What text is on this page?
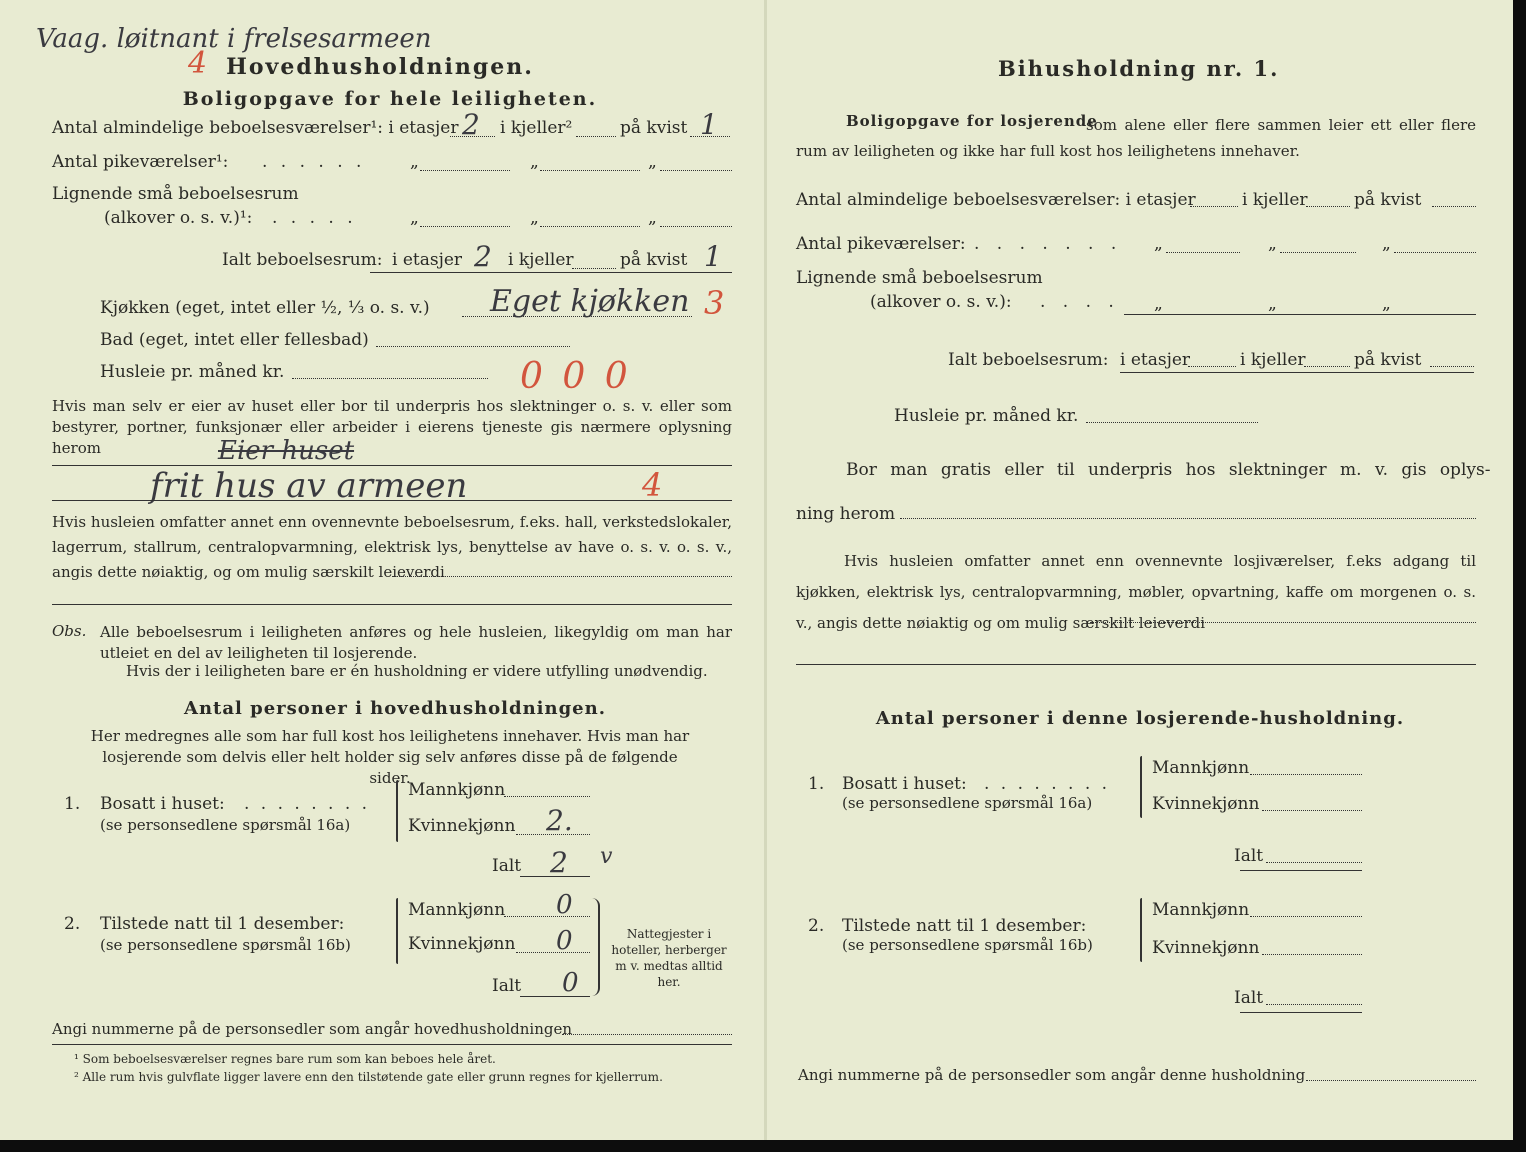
Vaag. løitnant i frelsesarmeen
4 Hovedhusholdningen.
Boligopgave for hele leiligheten.
Antal almindelige beboelsesværelser¹: i etasjer 2 i kjeller²	på kvist 1
Antal pikeværelser¹: . . . . . .	„	„	„
Lignende små beboelsesrum
(alkover o. s. v.)¹: . . . . .	„	„	„
Ialt beboelsesrum: i etasjer 2 i kjeller	på kvist 1
Kjøkken (eget, intet eller ½, ⅓ o. s. v.) Eget kjøkken 3
Bad (eget, intet eller fellesbad)
Husleie pr. måned kr.	0 0 0
Hvis man selv er eier av huset eller bor til underpris hos slektninger o. s. v. eller som bestyrer, portner, funksjonær eller arbeider i eierens tjeneste gis nærmere oplysning herom	Eier huset
frit hus av armeen	4
Hvis husleien omfatter annet enn ovennevnte beboelsesrum, f.eks. hall, verkstedslokaler, lagerrum, stallrum, centralopvarmning, elektrisk lys, benyttelse av have o. s. v. o. s. v., angis dette nøiaktig, og om mulig særskilt leieverdi
Obs. Alle beboelsesrum i leiligheten anføres og hele husleien, likegyldig om man har utleiet en del av leiligheten til losjerende.
Hvis der i leiligheten bare er én husholdning er videre utfylling unødvendig.
Antal personer i hovedhusholdningen.
Her medregnes alle som har full kost hos leilighetens innehaver. Hvis man har losjerende som delvis eller helt holder sig selv anføres disse på de følgende sider.
1. Bosatt i huset: . . . . . . . .
(se personsedlene spørsmål 16a)
Mannkjønn
Kvinnekjønn 2.
Ialt 2 v
2. Tilstede natt til 1 desember:
(se personsedlene spørsmål 16b)
Mannkjønn 0
Kvinnekjønn 0
Ialt 0
Nattegjester i hoteller, herberger m v. medtas alltid her.
Angi nummerne på de personsedler som angår hovedhusholdningen
¹ Som beboelsesværelser regnes bare rum som kan beboes hele året.
² Alle rum hvis gulvflate ligger lavere enn den tilstøtende gate eller grunn regnes for kjellerrum.
Bihusholdning nr. 1.
Boligopgave for losjerende
som alene eller flere sammen leier ett eller flere rum av leiligheten og ikke har full kost hos leilighetens innehaver.
Antal almindelige beboelsesværelser: i etasjer	i kjeller	på kvist
Antal pikeværelser: . . . . . . . „	„	„
Lignende små beboelsesrum
(alkover o. s. v.): . . . . „	„	„
Ialt beboelsesrum: i etasjer	i kjeller	på kvist
Husleie pr. måned kr.
Bor man gratis eller til underpris hos slektninger m. v. gis oplys-
ning herom
Hvis husleien omfatter annet enn ovennevnte losjiværelser, f.eks adgang til kjøkken, elektrisk lys, centralopvarmning, møbler, opvartning, kaffe om morgenen o. s. v., angis dette nøiaktig og om mulig særskilt leieverdi
Antal personer i denne losjerende-husholdning.
1. Bosatt i huset: . . . . . . . .
(se personsedlene spørsmål 16a)
Mannkjønn
Kvinnekjønn
Ialt
2. Tilstede natt til 1 desember:
(se personsedlene spørsmål 16b)
Mannkjønn
Kvinnekjønn
Ialt
Angi nummerne på de personsedler som angår denne husholdning
